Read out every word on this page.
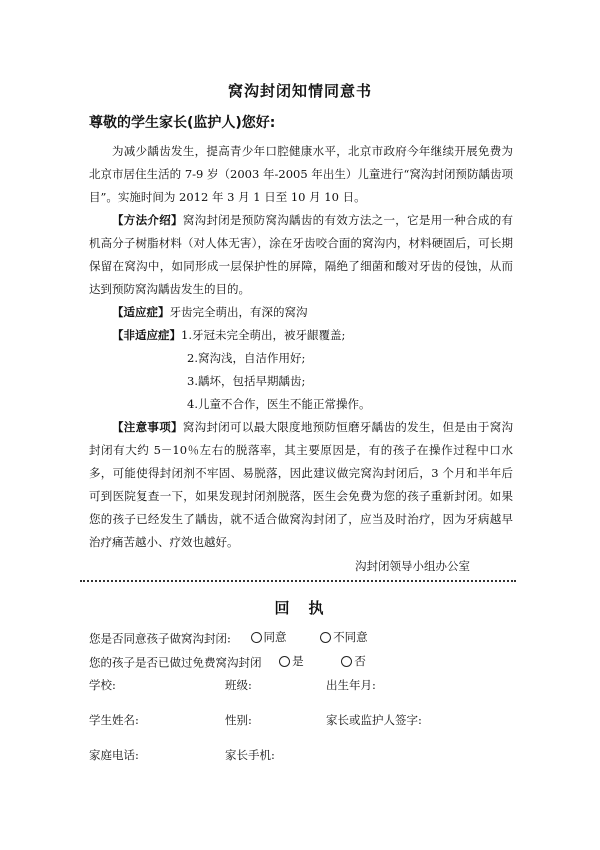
窝沟封闭知情同意书
尊敬的学生家长(监护人)您好:

为减少龋齿发生，提高青少年口腔健康水平，北京市政府今年继续开展免费为北京市居住生活的 7-9 岁（2003 年-2005 年出生）儿童进行“窝沟封闭预防龋齿项目”。实施时间为 2012 年 3 月 1 日至 10 月 10 日。

【方法介绍】窝沟封闭是预防窝沟龋齿的有效方法之一，它是用一种合成的有机高分子树脂材料（对人体无害），涂在牙齿咬合面的窝沟内，材料硬固后，可长期保留在窝沟中，如同形成一层保护性的屏障，隔绝了细菌和酸对牙齿的侵蚀，从而达到预防窝沟龋齿发生的目的。

【适应症】牙齿完全萌出，有深的窝沟

【非适应症】1.牙冠未完全萌出，被牙龈覆盖;
2.窝沟浅，自洁作用好;
3.龋坏，包括早期龋齿;
4.儿童不合作，医生不能正常操作。

【注意事项】窝沟封闭可以最大限度地预防恒磨牙龋齿的发生，但是由于窝沟封闭有大约 5－10％左右的脱落率，其主要原因是，有的孩子在操作过程中口水多，可能使得封闭剂不牢固、易脱落，因此建议做完窝沟封闭后，3 个月和半年后可到医院复查一下，如果发现封闭剂脱落，医生会免费为您的孩子重新封闭。如果您的孩子已经发生了龋齿，就不适合做窝沟封闭了，应当及时治疗，因为牙病越早治疗痛苦越小、疗效也越好。

沟封闭领导小组办公室
回　执
您是否同意孩子做窝沟封闭:	同意
	不同意
您的孩子是否已做过免费窝沟封闭	是
	否
学校:	班级:	出生年月:
学生姓名:	性别:	家长或监护人签字:
家庭电话:	家长手机:
